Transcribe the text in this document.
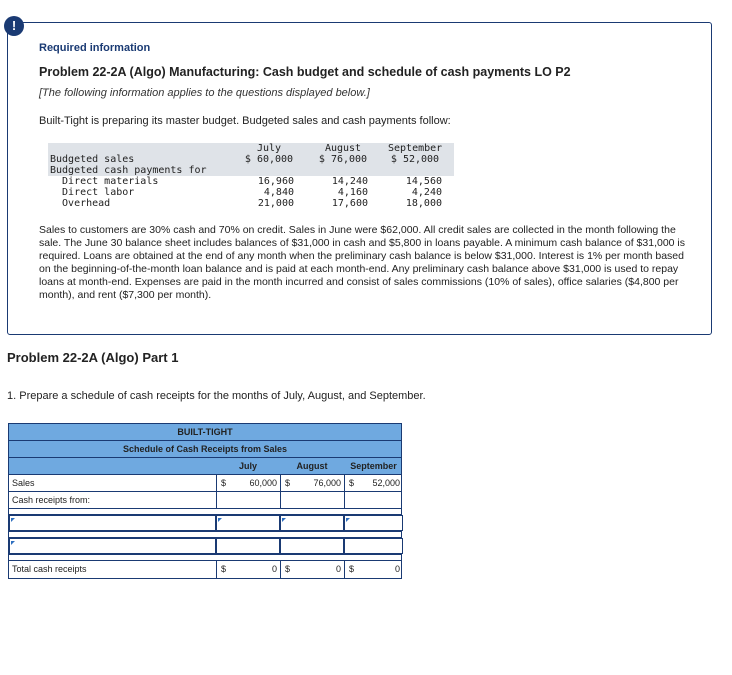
!
Required information
Problem 22-2A (Algo) Manufacturing: Cash budget and schedule of cash payments LO P2
[The following information applies to the questions displayed below.]
Built-Tight is preparing its master budget. Budgeted sales and cash payments follow:
July	August	September
Budgeted sales	$ 60,000	$ 76,000 $ 52,000
Budgeted cash payments for
Direct materials	16,960	14,240	14,560
Direct labor	4,840	4,160	4,240
Overhead	21,000	17,600	18,000
Sales to customers are 30% cash and 70% on credit. Sales in June were $62,000. All credit sales are collected in the month following the sale. The June 30 balance sheet includes balances of $31,000 in cash and $5,800 in loans payable. A minimum cash balance of $31,000 is required. Loans are obtained at the end of any month when the preliminary cash balance is below $31,000. Interest is 1% per month based on the beginning-of-the-month loan balance and is paid at each month-end. Any preliminary cash balance above $31,000 is used to repay loans at month-end. Expenses are paid in the month incurred and consist of sales commissions (10% of sales), office salaries ($4,800 per month), and rent ($7,300 per month).
Problem 22-2A (Algo) Part 1
1. Prepare a schedule of cash receipts for the months of July, August, and September.
BUILT-TIGHT
Schedule of Cash Receipts from Sales
July	August	September
Sales	$	60,000 $	76,000 $ 52,000
Cash receipts from:
Total cash receipts	$	0 $	0 $	0
